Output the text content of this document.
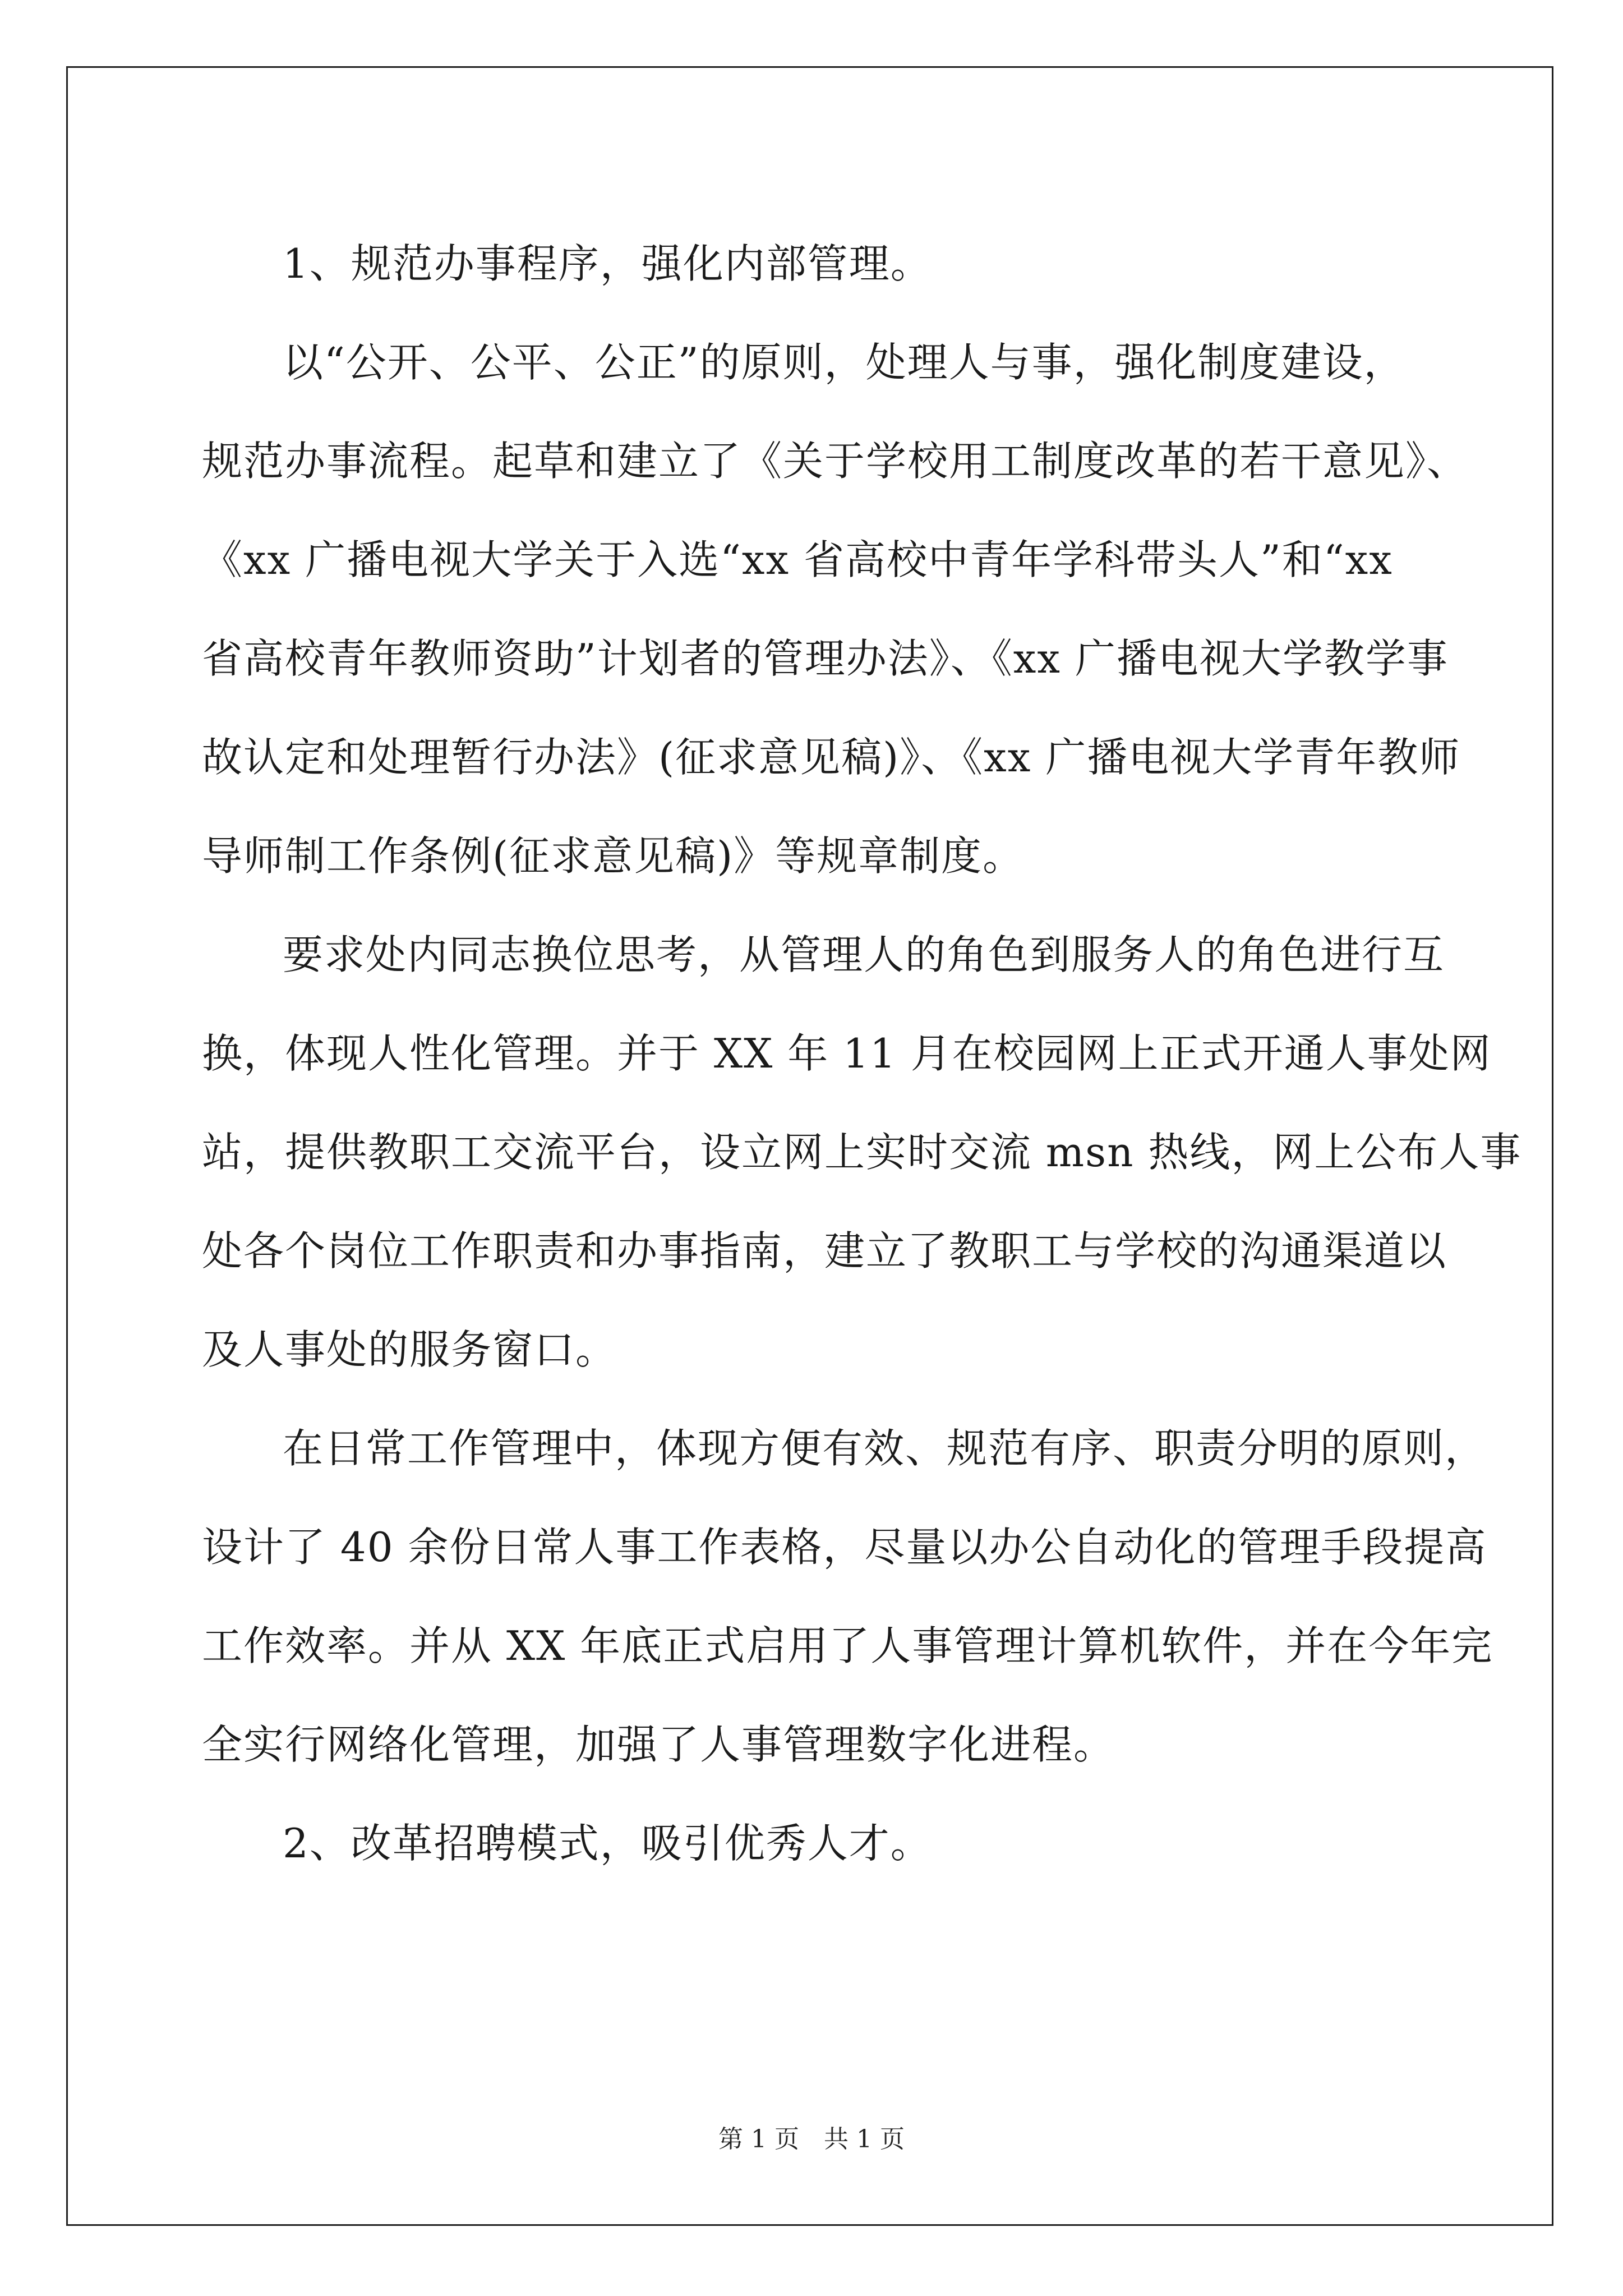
1、规范办事程序，强化内部管理。
以“公开、公平、公正”的原则，处理人与事，强化制度建设，
规范办事流程。起草和建立了《关于学校用工制度改革的若干意见》、
《xx 广播电视大学关于入选“xx 省高校中青年学科带头人”和“xx
省高校青年教师资助”计划者的管理办法》、《xx 广播电视大学教学事
故认定和处理暂行办法》(征求意见稿)》、《xx 广播电视大学青年教师
导师制工作条例(征求意见稿)》等规章制度。
要求处内同志换位思考，从管理人的角色到服务人的角色进行互
换，体现人性化管理。并于 XX 年 11 月在校园网上正式开通人事处网
站，提供教职工交流平台，设立网上实时交流 msn 热线，网上公布人事
处各个岗位工作职责和办事指南，建立了教职工与学校的沟通渠道以
及人事处的服务窗口。
在日常工作管理中，体现方便有效、规范有序、职责分明的原则，
设计了 40 余份日常人事工作表格，尽量以办公自动化的管理手段提高
工作效率。并从 XX 年底正式启用了人事管理计算机软件，并在今年完
全实行网络化管理，加强了人事管理数字化进程。
2、改革招聘模式，吸引优秀人才。
第 1 页 共 1 页
